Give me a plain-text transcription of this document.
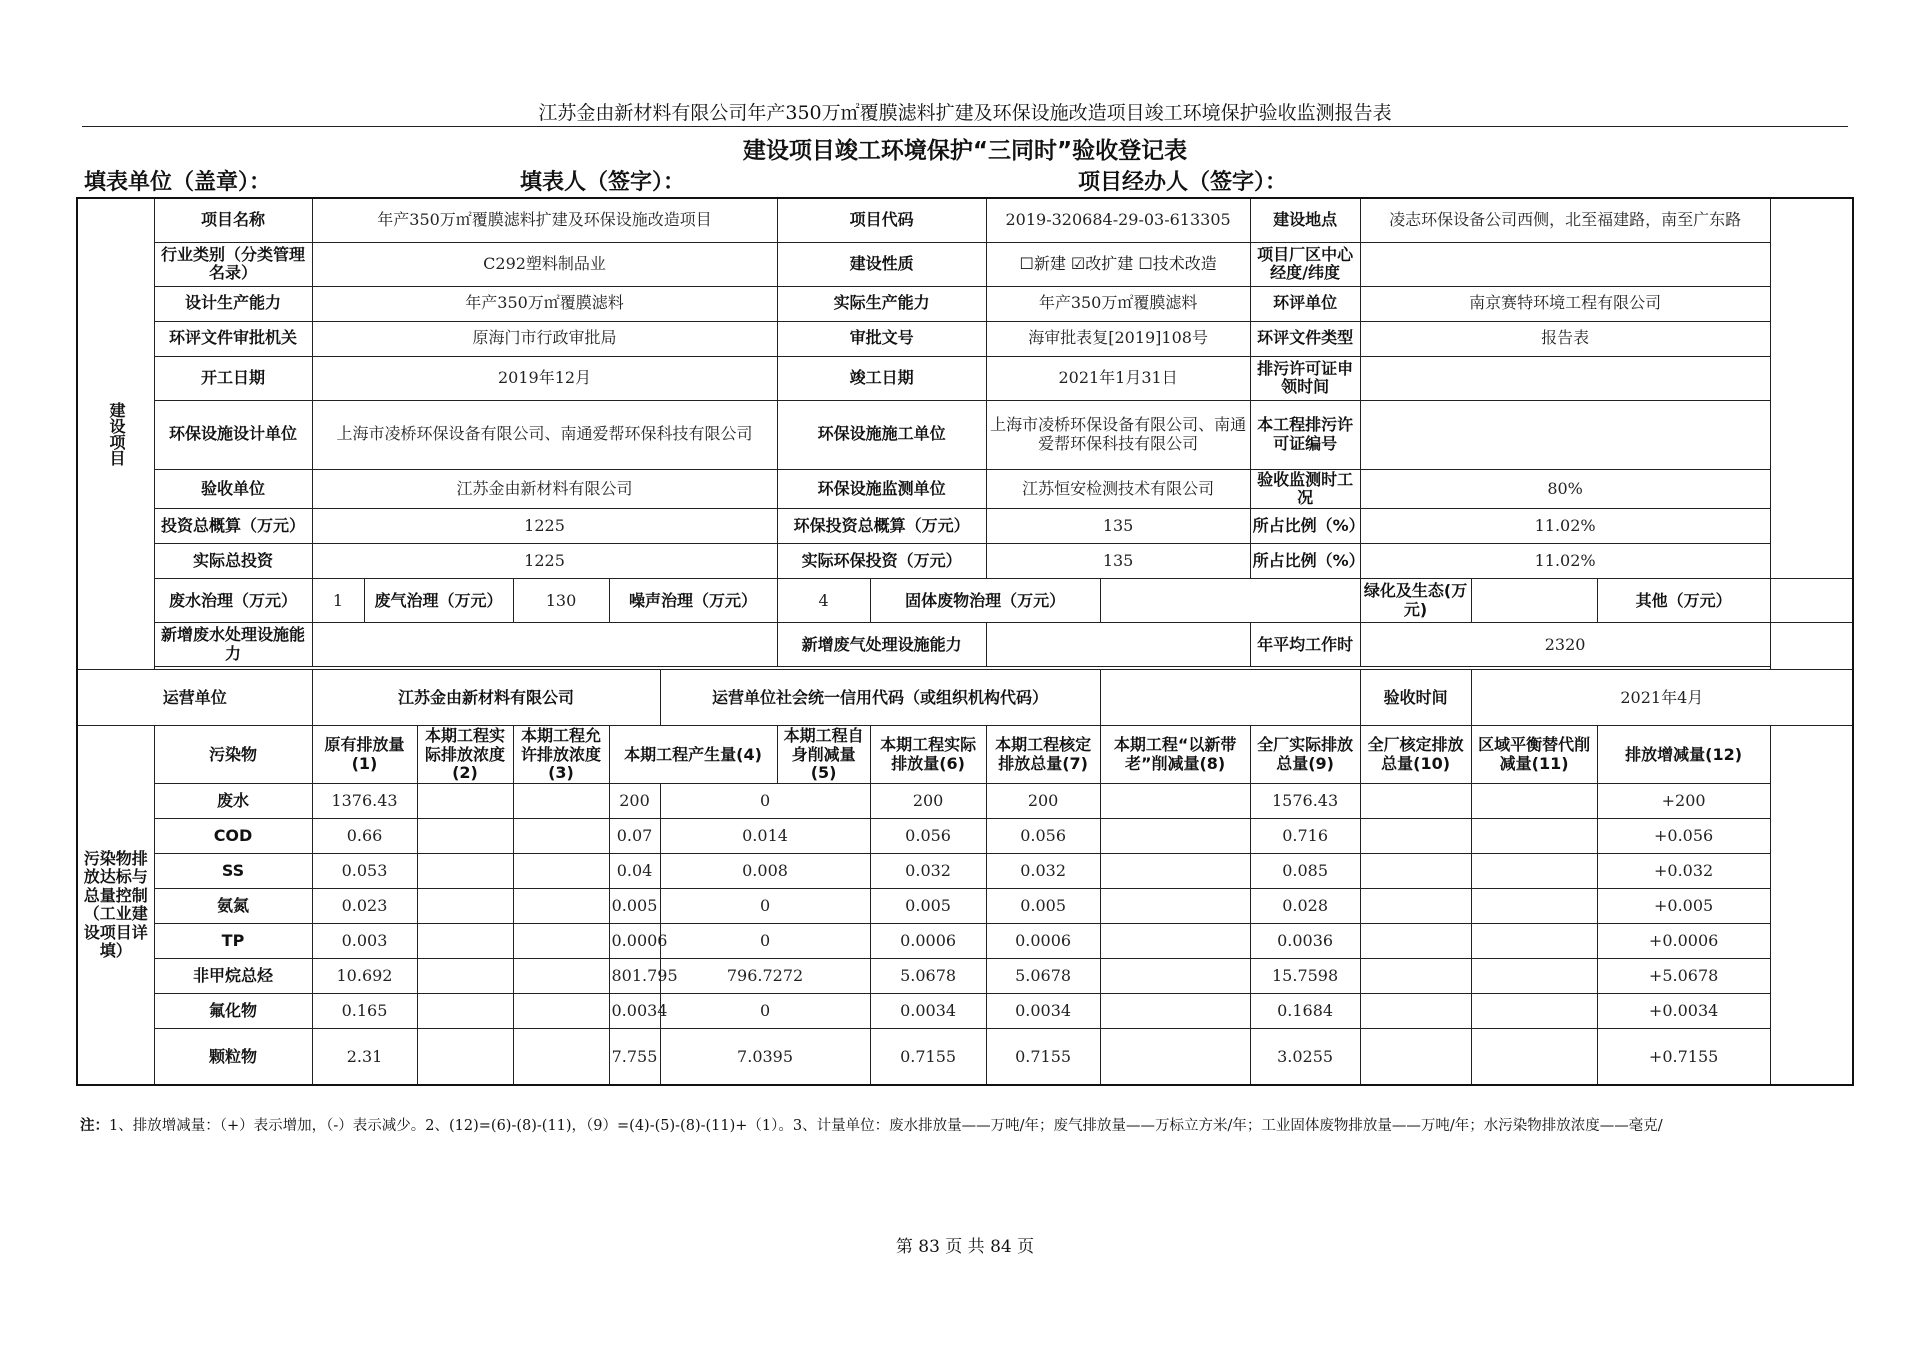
江苏金由新材料有限公司年产350万㎡覆膜滤料扩建及环保设施改造项目竣工环境保护验收监测报告表
建设项目竣工环境保护“三同时”验收登记表
填表单位（盖章）：	填表人（签字）：	项目经办人（签字）：
建设项目	项目名称	年产350万㎡覆膜滤料扩建及环保设施改造项目						项目代码		2019-320684-29-03-613305		建设地点	凌志环保设备公司西侧，北至福建路，南至广东路			
	行业类别（分类管理名录）	C292塑料制品业						建设性质		☐新建 ☑改扩建 ☐技术改造		项目厂区中心经度/纬度				
	设计生产能力	年产350万㎡覆膜滤料						实际生产能力		年产350万㎡覆膜滤料		环评单位	南京赛特环境工程有限公司			
	环评文件审批机关	原海门市行政审批局						审批文号		海审批表复[2019]108号		环评文件类型	报告表			
	开工日期	2019年12月						竣工日期		2021年1月31日		排污许可证申领时间				
	环保设施设计单位	上海市凌桥环保设备有限公司、南通爱帮环保科技有限公司						环保设施施工单位		上海市凌桥环保设备有限公司、南通爱帮环保科技有限公司		本工程排污许可证编号				
	验收单位	江苏金由新材料有限公司						环保设施监测单位		江苏恒安检测技术有限公司		验收监测时工况	80%			
	投资总概算（万元）	1225						环保投资总概算（万元）		135		所占比例（%）	11.02%			
	实际总投资	1225						实际环保投资（万元）		135		所占比例（%）	11.02%			
	废水治理（万元）	1	废气治理（万元）		130	噪声治理（万元）		4	固体废物治理（万元）				绿化及生态(万元)		其他（万元）	
	新增废水处理设施能力							新增废气处理设施能力				年平均工作时	2320			

运营单位		江苏金由新材料有限公司					运营单位社会统一信用代码（或组织机构代码）						验收时间	2021年4月		
污染物排放达标与总量控制（工业建设项目详填）	污染物	原有排放量(1)		本期工程实际排放浓度(2)	本期工程允许排放浓度(3)	本期工程产生量(4)		本期工程自身削减量(5)	本期工程实际排放量(6)	本期工程核定排放总量(7)	本期工程“以新带老”削减量(8)	全厂实际排放总量(9)	全厂核定排放总量(10)	区域平衡替代削减量(11)	排放增减量(12)	
	废水	1376.43				200	0		200	200		1576.43			+200	
	COD	0.66				0.07	0.014		0.056	0.056		0.716			+0.056	
	SS	0.053				0.04	0.008		0.032	0.032		0.085			+0.032	
	氨氮	0.023				0.005	0		0.005	0.005		0.028			+0.005	
	TP	0.003				0.0006	0		0.0006	0.0006		0.0036			+0.0006	
	非甲烷总烃	10.692				801.795	796.7272		5.0678	5.0678		15.7598			+5.0678	
	氟化物	0.165				0.0034	0		0.0034	0.0034		0.1684			+0.0034	
	颗粒物	2.31				7.755	7.0395		0.7155	0.7155		3.0255			+0.7155	
注：1、排放增减量：（+）表示增加，（-）表示减少。2、(12)=(6)-(8)-(11)，（9）=(4)-(5)-(8)-(11)+（1）。3、计量单位：废水排放量——万吨/年；废气排放量——万标立方米/年；工业固体废物排放量——万吨/年；水污染物排放浓度——毫克/
第 83 页 共 84 页
